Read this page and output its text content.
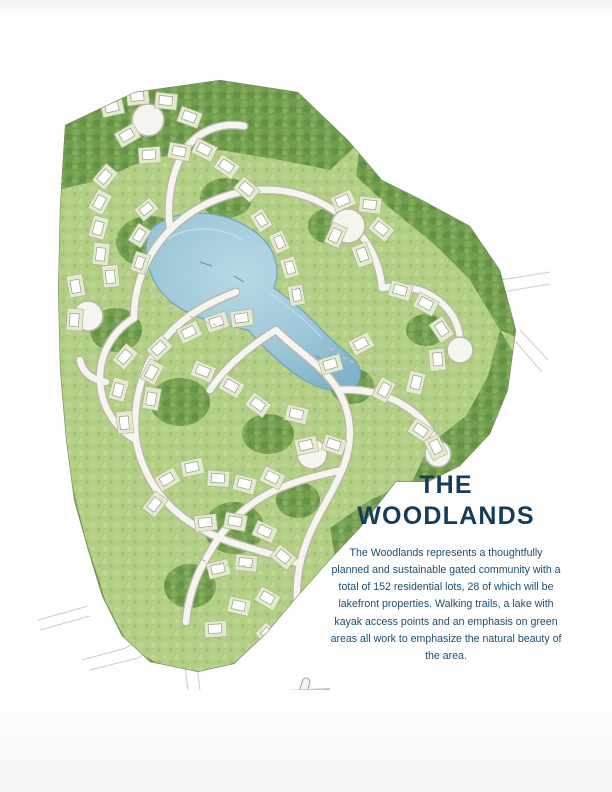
THE
WOODLANDS

The Woodlands represents a thoughtfully planned and sustainable gated community with a total of 152 residential lots, 28 of which will be lakefront properties. Walking trails, a lake with kayak access points and an emphasis on green areas all work to emphasize the natural beauty of the area.
